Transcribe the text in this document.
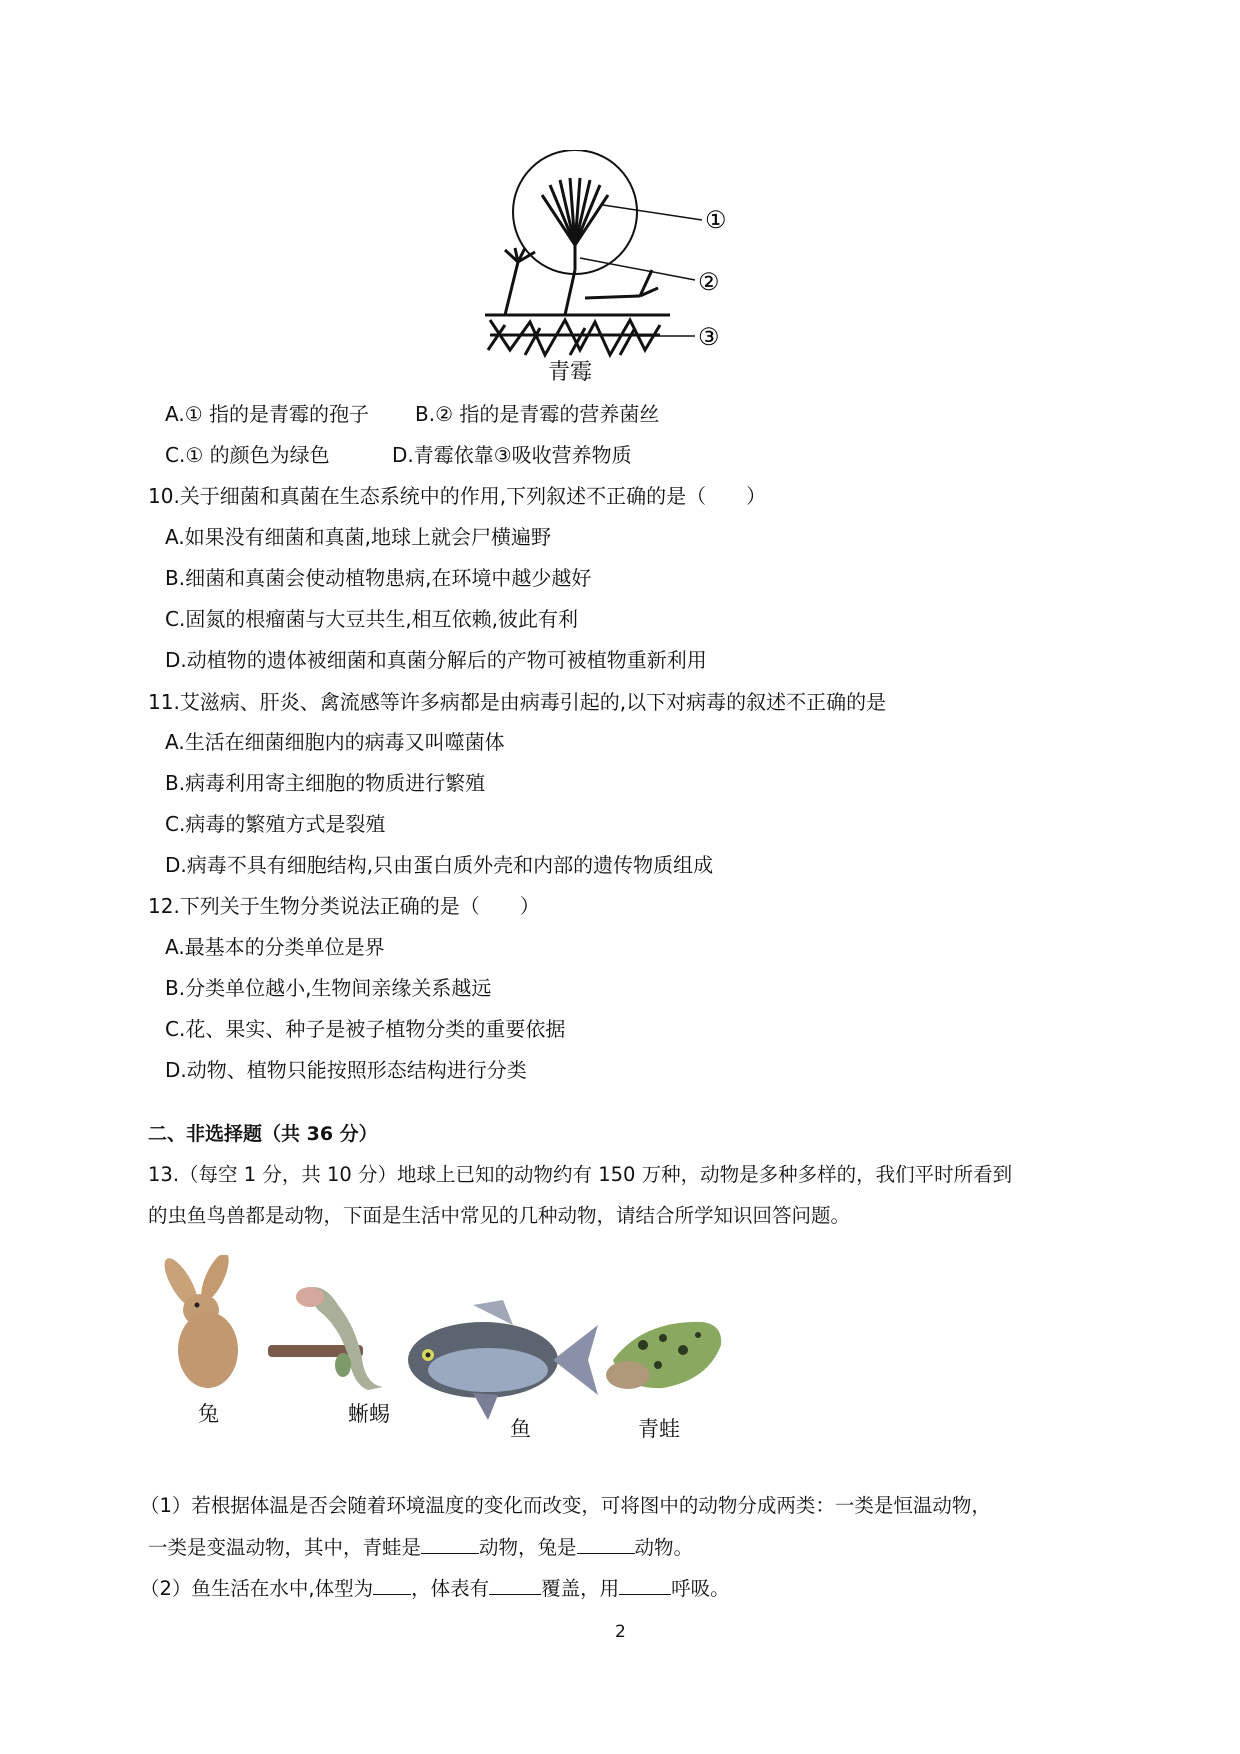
①
②
③
青霉
A.① 指的是青霉的孢子 B.② 指的是青霉的营养菌丝
C.① 的颜色为绿色	D.青霉依靠③吸收营养物质
10.关于细菌和真菌在生态系统中的作用,下列叙述不正确的是（　　）
A.如果没有细菌和真菌,地球上就会尸横遍野
B.细菌和真菌会使动植物患病,在环境中越少越好
C.固氮的根瘤菌与大豆共生,相互依赖,彼此有利
D.动植物的遗体被细菌和真菌分解后的产物可被植物重新利用
11.艾滋病、肝炎、禽流感等许多病都是由病毒引起的,以下对病毒的叙述不正确的是
A.生活在细菌细胞内的病毒又叫噬菌体
B.病毒利用寄主细胞的物质进行繁殖
C.病毒的繁殖方式是裂殖
D.病毒不具有细胞结构,只由蛋白质外壳和内部的遗传物质组成
12.下列关于生物分类说法正确的是（　　）
A.最基本的分类单位是界
B.分类单位越小,生物间亲缘关系越远
C.花、果实、种子是被子植物分类的重要依据
D.动物、植物只能按照形态结构进行分类
二、非选择题（共 36 分）
13.（每空 1 分，共 10 分）地球上已知的动物约有 150 万种，动物是多种多样的，我们平时所看到
的虫鱼鸟兽都是动物，下面是生活中常见的几种动物，请结合所学知识回答问题。
兔	蜥蜴
鱼	青蛙
（1）若根据体温是否会随着环境温度的变化而改变，可将图中的动物分成两类：一类是恒温动物，
一类是变温动物，其中，青蛙是	动物，兔是	动物。
（2）鱼生活在水中,体型为 ，体表有	覆盖，用	呼吸。
2
